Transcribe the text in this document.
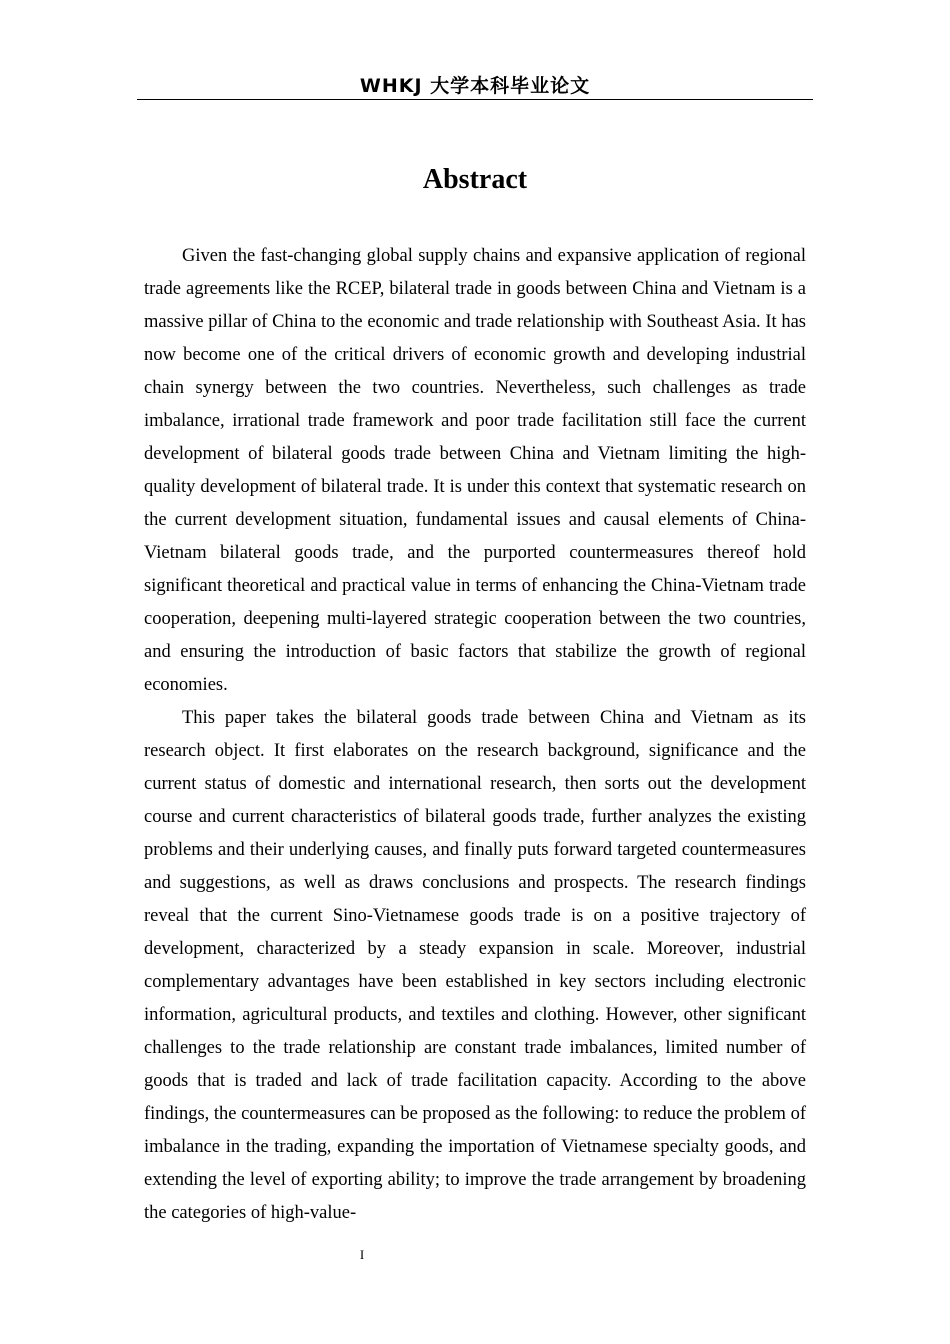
WHKJ 大学本科毕业论文
Abstract

Given the fast-changing global supply chains and expansive application of regional trade agreements like the RCEP, bilateral trade in goods between China and Vietnam is a massive pillar of China to the economic and trade relationship with Southeast Asia. It has now become one of the critical drivers of economic growth and developing industrial chain synergy between the two countries. Nevertheless, such challenges as trade imbalance, irrational trade framework and poor trade facilitation still face the current development of bilateral goods trade between China and Vietnam limiting the high-quality development of bilateral trade. It is under this context that systematic research on the current development situation, fundamental issues and causal elements of China-Vietnam bilateral goods trade, and the purported countermeasures thereof hold significant theoretical and practical value in terms of enhancing the China-Vietnam trade cooperation, deepening multi-layered strategic cooperation between the two countries, and ensuring the introduction of basic factors that stabilize the growth of regional economies.

This paper takes the bilateral goods trade between China and Vietnam as its research object. It first elaborates on the research background, significance and the current status of domestic and international research, then sorts out the development course and current characteristics of bilateral goods trade, further analyzes the existing problems and their underlying causes, and finally puts forward targeted countermeasures and suggestions, as well as draws conclusions and prospects. The research findings reveal that the current Sino-Vietnamese goods trade is on a positive trajectory of development, characterized by a steady expansion in scale. Moreover, industrial complementary advantages have been established in key sectors including electronic information, agricultural products, and textiles and clothing. However, other significant challenges to the trade relationship are constant trade imbalances, limited number of goods that is traded and lack of trade facilitation capacity. According to the above findings, the countermeasures can be proposed as the following: to reduce the problem of imbalance in the trading, expanding the importation of Vietnamese specialty goods, and extending the level of exporting ability; to improve the trade arrangement by broadening the categories of high-value-

I
